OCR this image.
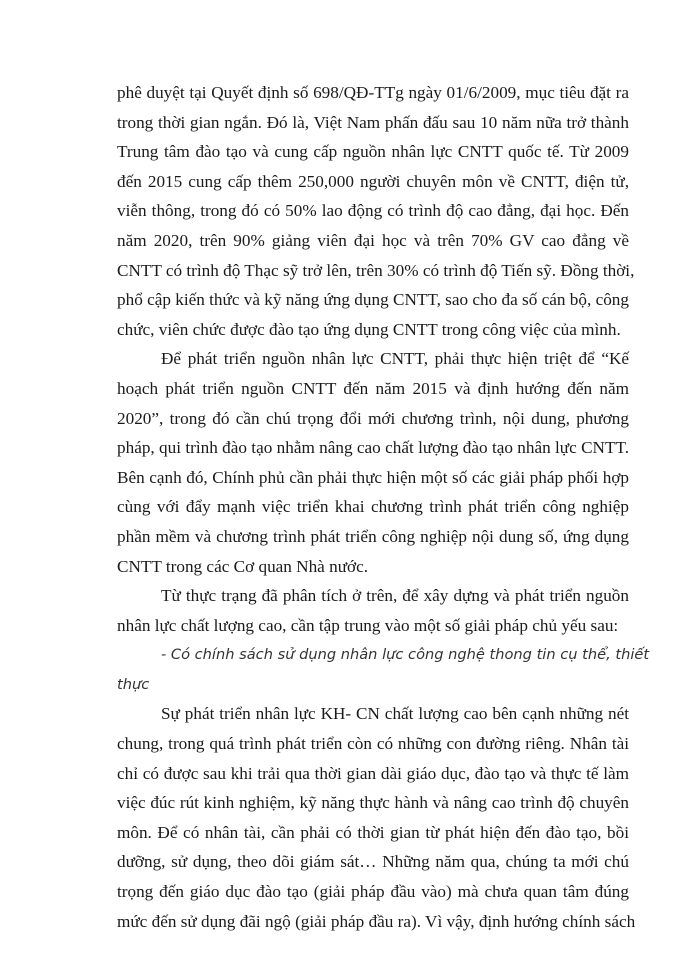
phê duyệt tại Quyết định số 698/QĐ-TTg ngày 01/6/2009, mục tiêu đặt ra
trong thời gian ngắn. Đó là, Việt Nam phấn đấu sau 10 năm nữa trở thành
Trung tâm đào tạo và cung cấp nguồn nhân lực CNTT quốc tế. Từ 2009
đến 2015 cung cấp thêm 250,000 người chuyên môn về CNTT, điện tử,
viễn thông, trong đó có 50% lao động có trình độ cao đẳng, đại học. Đến
năm 2020, trên 90% giảng viên đại học và trên 70% GV cao đẳng về
CNTT có trình độ Thạc sỹ trở lên, trên 30% có trình độ Tiến sỹ. Đồng thời,
phổ cập kiến thức và kỹ năng ứng dụng CNTT, sao cho đa số cán bộ, công
chức, viên chức được đào tạo ứng dụng CNTT trong công việc của mình.
Để phát triển nguồn nhân lực CNTT, phải thực hiện triệt để “Kế
hoạch phát triển nguồn CNTT đến năm 2015 và định hướng đến năm
2020”, trong đó cần chú trọng đổi mới chương trình, nội dung, phương
pháp, qui trình đào tạo nhằm nâng cao chất lượng đào tạo nhân lực CNTT.
Bên cạnh đó, Chính phủ cần phải thực hiện một số các giải pháp phối hợp
cùng với đẩy mạnh việc triển khai chương trình phát triển công nghiệp
phần mềm và chương trình phát triển công nghiệp nội dung số, ứng dụng
CNTT trong các Cơ quan Nhà nước.
Từ thực trạng đã phân tích ở trên, để xây dựng và phát triển nguồn
nhân lực chất lượng cao, cần tập trung vào một số giải pháp chủ yếu sau:
- Có chính sách sử dụng nhân lực công nghệ thong tin cụ thể, thiết
thực
Sự phát triển nhân lực KH- CN chất lượng cao bên cạnh những nét
chung, trong quá trình phát triển còn có những con đường riêng. Nhân tài
chỉ có được sau khi trải qua thời gian dài giáo dục, đào tạo và thực tế làm
việc đúc rút kinh nghiệm, kỹ năng thực hành và nâng cao trình độ chuyên
môn. Để có nhân tài, cần phải có thời gian từ phát hiện đến đào tạo, bồi
dưỡng, sử dụng, theo dõi giám sát… Những năm qua, chúng ta mới chú
trọng đến giáo dục đào tạo (giải pháp đầu vào) mà chưa quan tâm đúng
mức đến sử dụng đãi ngộ (giải pháp đầu ra). Vì vậy, định hướng chính sách
